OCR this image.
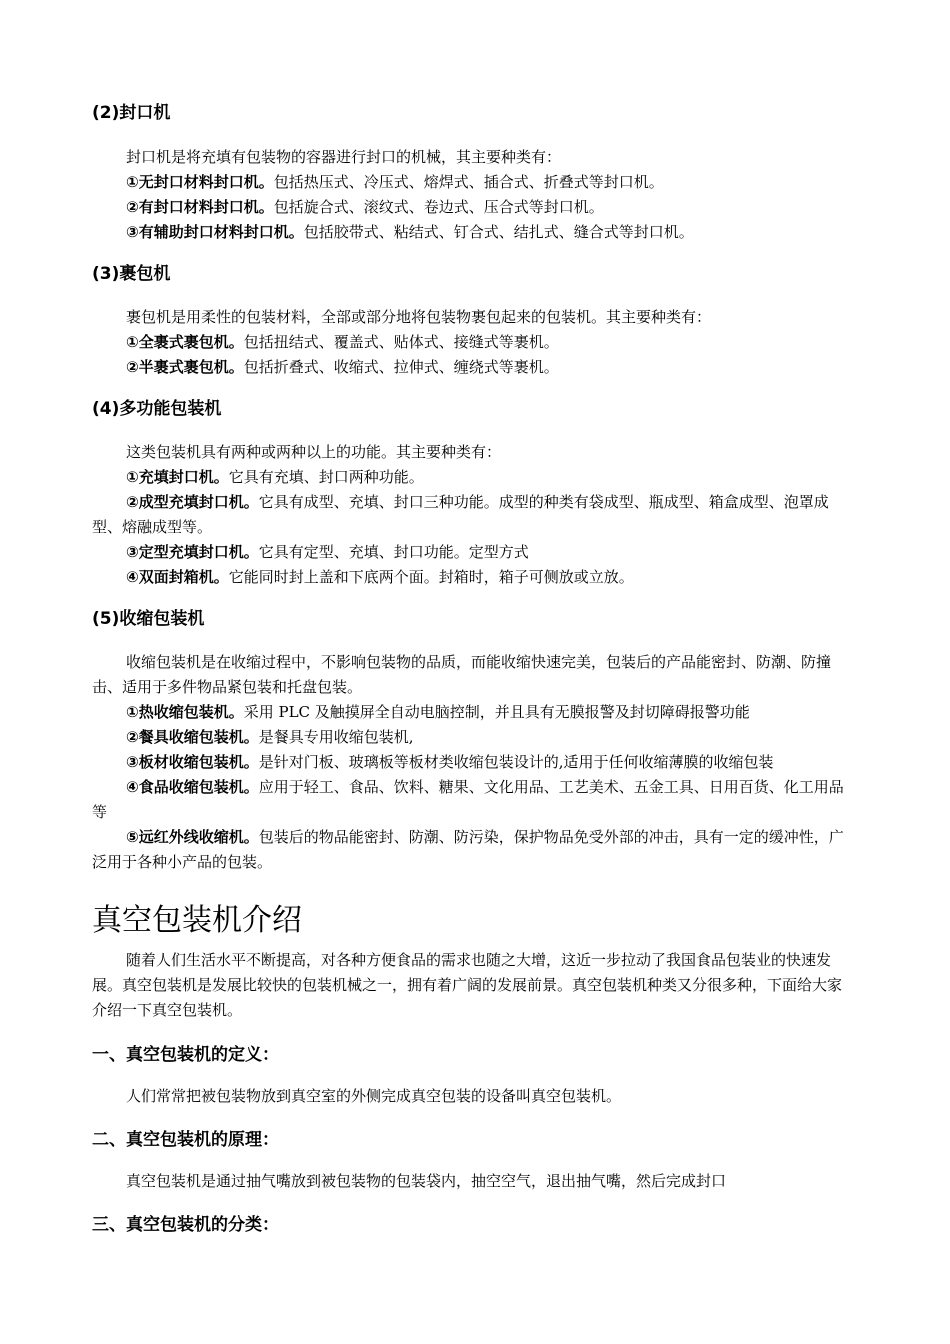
(2)封口机

封口机是将充填有包装物的容器进行封口的机械，其主要种类有：

①无封口材料封口机。包括热压式、冷压式、熔焊式、插合式、折叠式等封口机。

②有封口材料封口机。包括旋合式、滚纹式、卷边式、压合式等封口机。

③有辅助封口材料封口机。包括胶带式、粘结式、钉合式、结扎式、缝合式等封口机。

(3)裹包机

裹包机是用柔性的包装材料，全部或部分地将包装物裹包起来的包装机。其主要种类有：

①全裹式裹包机。包括扭结式、覆盖式、贴体式、接缝式等裹机。

②半裹式裹包机。包括折叠式、收缩式、拉伸式、缠绕式等裹机。

(4)多功能包装机

这类包装机具有两种或两种以上的功能。其主要种类有：

①充填封口机。它具有充填、封口两种功能。

②成型充填封口机。它具有成型、充填、封口三种功能。成型的种类有袋成型、瓶成型、箱盒成型、泡罩成型、熔融成型等。

③定型充填封口机。它具有定型、充填、封口功能。定型方式

④双面封箱机。它能同时封上盖和下底两个面。封箱时，箱子可侧放或立放。

(5)收缩包装机

收缩包装机是在收缩过程中，不影响包装物的品质，而能收缩快速完美，包装后的产品能密封、防潮、防撞击、适用于多件物品紧包装和托盘包装。

①热收缩包装机。采用 PLC 及触摸屏全自动电脑控制，并且具有无膜报警及封切障碍报警功能

②餐具收缩包装机。是餐具专用收缩包装机,

③板材收缩包装机。是针对门板、玻璃板等板材类收缩包装设计的,适用于任何收缩薄膜的收缩包装

④食品收缩包装机。应用于轻工、食品、饮料、糖果、文化用品、工艺美术、五金工具、日用百货、化工用品等

⑤远红外线收缩机。包装后的物品能密封、防潮、防污染，保护物品免受外部的冲击，具有一定的缓冲性，广泛用于各种小产品的包装。

真空包装机介绍

随着人们生活水平不断提高，对各种方便食品的需求也随之大增，这近一步拉动了我国食品包装业的快速发展。真空包装机是发展比较快的包装机械之一，拥有着广阔的发展前景。真空包装机种类又分很多种，下面给大家介绍一下真空包装机。

一、真空包装机的定义：

人们常常把被包装物放到真空室的外侧完成真空包装的设备叫真空包装机。

二、真空包装机的原理：

真空包装机是通过抽气嘴放到被包装物的包装袋内，抽空空气，退出抽气嘴，然后完成封口

三、真空包装机的分类：
